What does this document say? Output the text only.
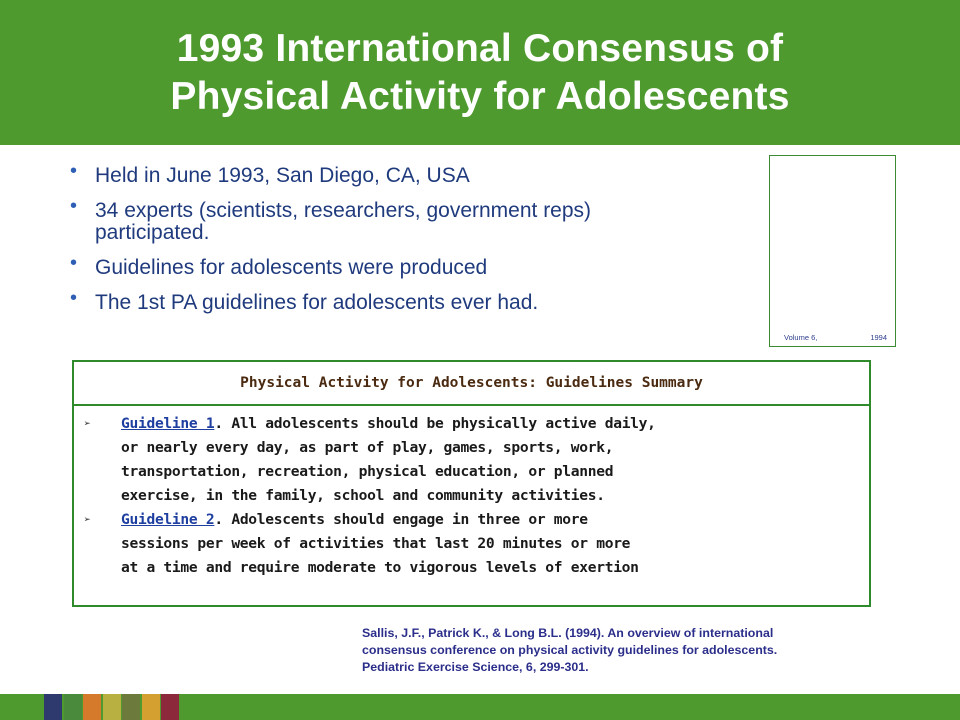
1993 International Consensus of
Physical Activity for Adolescents
• Held in June 1993, San Diego, CA, USA
• 34 experts (scientists, researchers, government reps)
participated.
• Guidelines for adolescents were produced
• The 1st PA guidelines for adolescents ever had.
Volume 6,	1994
Physical Activity for Adolescents: Guidelines Summary
➢ Guideline 1. All adolescents should be physically active daily,
or nearly every day, as part of play, games, sports, work,
transportation, recreation, physical education, or planned
exercise, in the family, school and community activities.
➢ Guideline 2. Adolescents should engage in three or more
sessions per week of activities that last 20 minutes or more
at a time and require moderate to vigorous levels of exertion
Sallis, J.F., Patrick K., & Long B.L. (1994). An overview of international
consensus conference on physical activity guidelines for adolescents.
Pediatric Exercise Science, 6, 299-301.
